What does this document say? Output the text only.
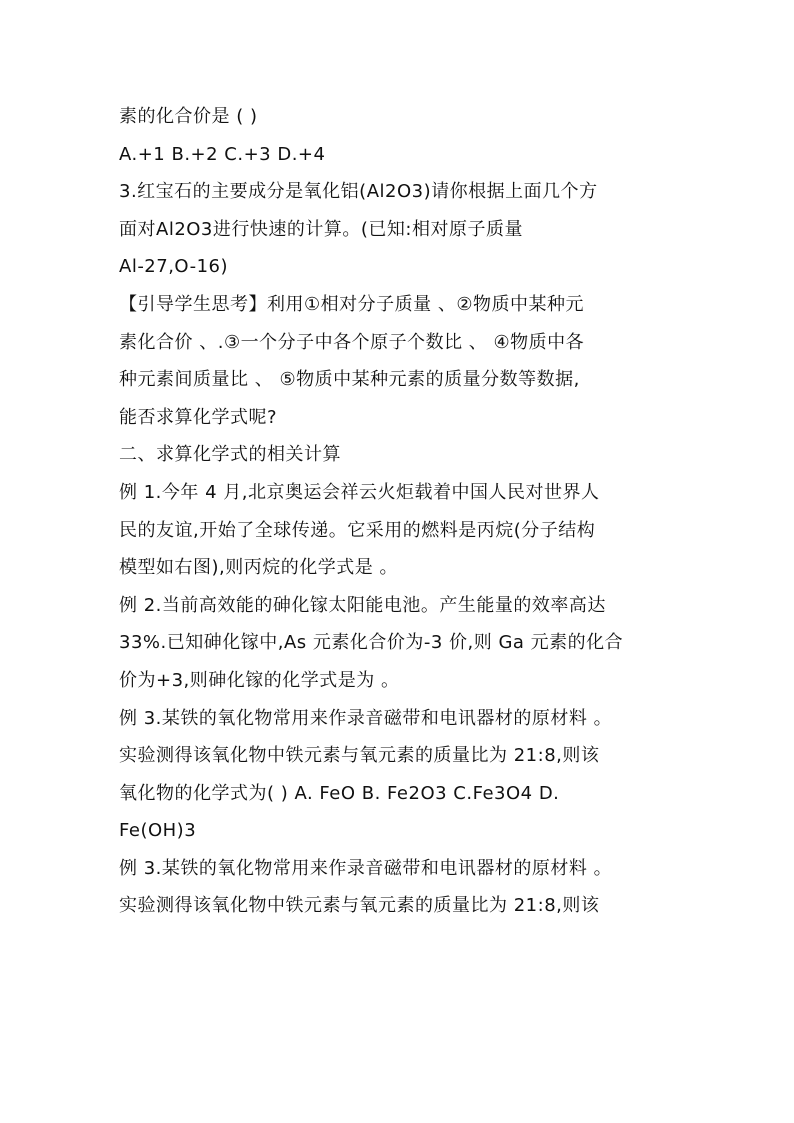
素的化合价是 ( )
A.+1 B.+2 C.+3 D.+4
3.红宝石的主要成分是氧化铝(Al2O3)请你根据上面几个方
面对Al2O3进行快速的计算。(已知:相对原子质量
Al-27,O-16)
【引导学生思考】利用①相对分子质量 、②物质中某种元
素化合价 、.③一个分子中各个原子个数比 、 ④物质中各
种元素间质量比 、 ⑤物质中某种元素的质量分数等数据,
能否求算化学式呢?
二、求算化学式的相关计算
例 1.今年 4 月,北京奥运会祥云火炬载着中国人民对世界人
民的友谊,开始了全球传递。它采用的燃料是丙烷(分子结构
模型如右图),则丙烷的化学式是 。
例 2.当前高效能的砷化镓太阳能电池。产生能量的效率高达
33%.已知砷化镓中,As 元素化合价为-3 价,则 Ga 元素的化合
价为+3,则砷化镓的化学式是为 。
例 3.某铁的氧化物常用来作录音磁带和电讯器材的原材料 。
实验测得该氧化物中铁元素与氧元素的质量比为 21:8,则该
氧化物的化学式为( ) A. FeO B. Fe2O3 C.Fe3O4 D.
Fe(OH)3
例 3.某铁的氧化物常用来作录音磁带和电讯器材的原材料 。
实验测得该氧化物中铁元素与氧元素的质量比为 21:8,则该
